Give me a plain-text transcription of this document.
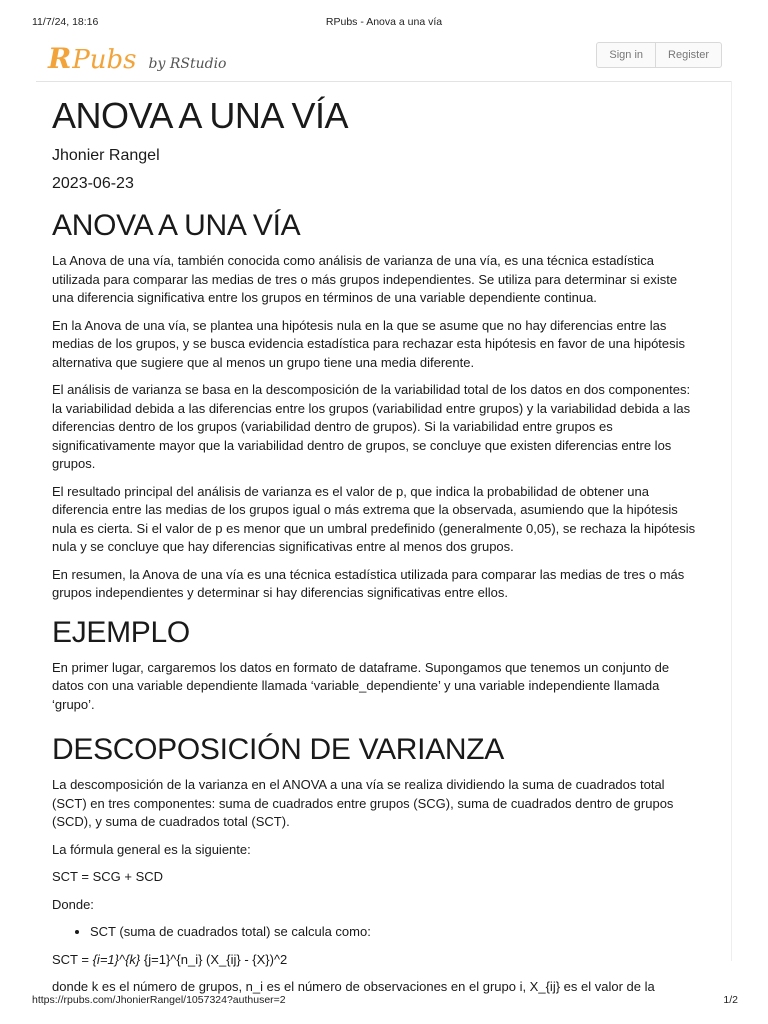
11/7/24, 18:16	RPubs - Anova a una vía
R Pubs by RStudio
Sign in	Register
ANOVA A UNA VÍA

Jhonier Rangel

2023-06-23

ANOVA A UNA VÍA

La Anova de una vía, también conocida como análisis de varianza de una vía, es una técnica estadística utilizada para comparar las medias de tres o más grupos independientes. Se utiliza para determinar si existe una diferencia significativa entre los grupos en términos de una variable dependiente continua.

En la Anova de una vía, se plantea una hipótesis nula en la que se asume que no hay diferencias entre las medias de los grupos, y se busca evidencia estadística para rechazar esta hipótesis en favor de una hipótesis alternativa que sugiere que al menos un grupo tiene una media diferente.

El análisis de varianza se basa en la descomposición de la variabilidad total de los datos en dos componentes: la variabilidad debida a las diferencias entre los grupos (variabilidad entre grupos) y la variabilidad debida a las diferencias dentro de los grupos (variabilidad dentro de grupos). Si la variabilidad entre grupos es significativamente mayor que la variabilidad dentro de grupos, se concluye que existen diferencias entre los grupos.

El resultado principal del análisis de varianza es el valor de p, que indica la probabilidad de obtener una diferencia entre las medias de los grupos igual o más extrema que la observada, asumiendo que la hipótesis nula es cierta. Si el valor de p es menor que un umbral predefinido (generalmente 0,05), se rechaza la hipótesis nula y se concluye que hay diferencias significativas entre al menos dos grupos.

En resumen, la Anova de una vía es una técnica estadística utilizada para comparar las medias de tres o más grupos independientes y determinar si hay diferencias significativas entre ellos.

EJEMPLO

En primer lugar, cargaremos los datos en formato de dataframe. Supongamos que tenemos un conjunto de datos con una variable dependiente llamada ‘variable_dependiente’ y una variable independiente llamada ‘grupo’.

DESCOPOSICIÓN DE VARIANZA

La descomposición de la varianza en el ANOVA a una vía se realiza dividiendo la suma de cuadrados total (SCT) en tres componentes: suma de cuadrados entre grupos (SCG), suma de cuadrados dentro de grupos (SCD), y suma de cuadrados total (SCT).

La fórmula general es la siguiente:

SCT = SCG + SCD

Donde:

• SCT (suma de cuadrados total) se calcula como:

SCT = {i=1}^{k} {j=1}^{n_i} (X_{ij} - {X})^2

donde k es el número de grupos, n_i es el número de observaciones en el grupo i, X_{ij} es el valor de la

https://rpubs.com/JhonierRangel/1057324?authuser=2	1/2
